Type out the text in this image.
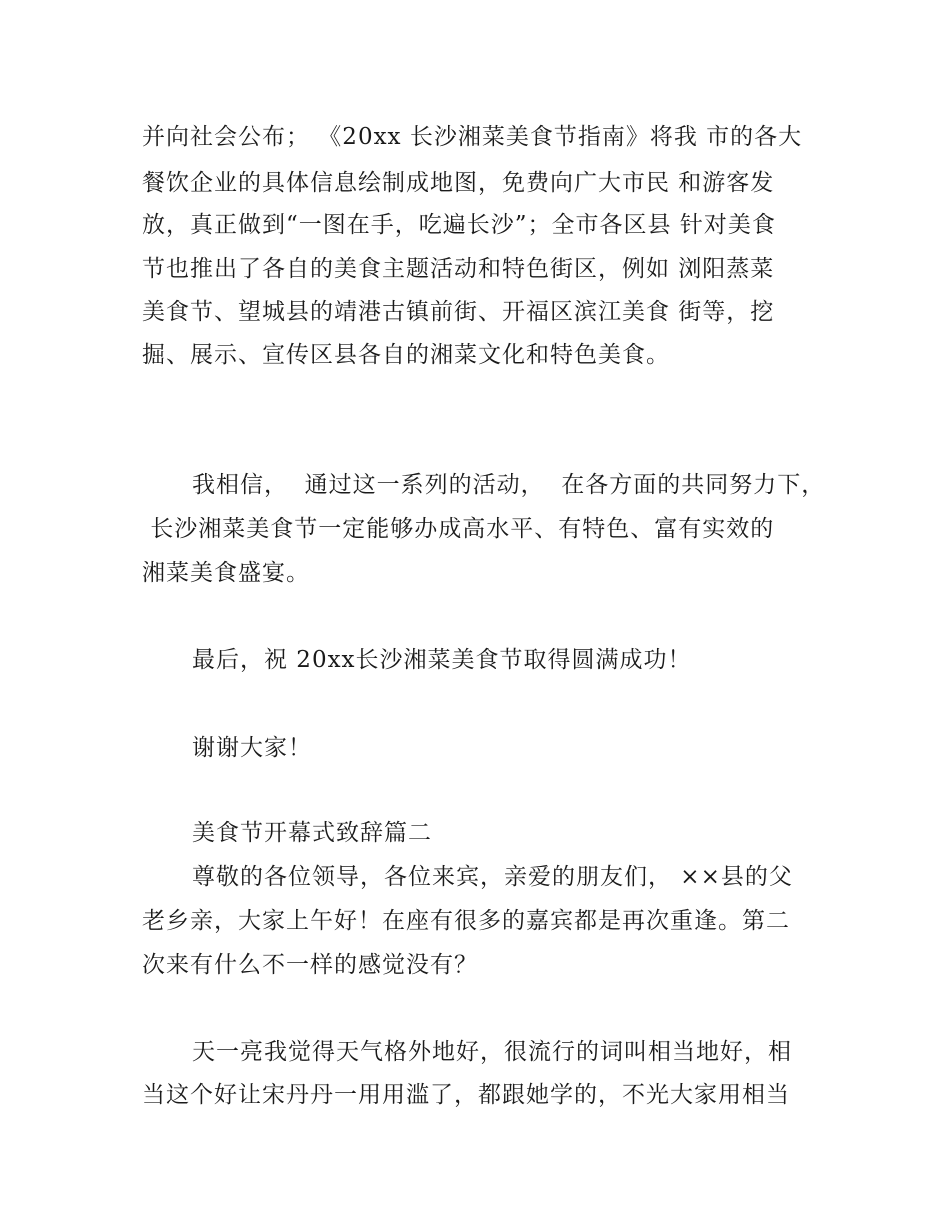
并向社会公布； 《20xx 长沙湘菜美食节指南》将我 市的各大
餐饮企业的具体信息绘制成地图，免费向广大市民 和游客发
放，真正做到“一图在手，吃遍长沙”；全市各区县 针对美食
节也推出了各自的美食主题活动和特色街区，例如 浏阳蒸菜
美食节、望城县的靖港古镇前街、开福区滨江美食 街等，挖
掘、展示、宣传区县各自的湘菜文化和特色美食。
我相信，  通过这一系列的活动，  在各方面的共同努力下，
长沙湘菜美食节一定能够办成高水平、有特色、富有实效的
湘菜美食盛宴。
最后，祝 20xx长沙湘菜美食节取得圆满成功！
谢谢大家！
美食节开幕式致辞篇二
尊敬的各位领导，各位来宾，亲爱的朋友们， ××县的父
老乡亲，大家上午好！在座有很多的嘉宾都是再次重逢。第二
次来有什么不一样的感觉没有？
天一亮我觉得天气格外地好，很流行的词叫相当地好，相
当这个好让宋丹丹一用用滥了，都跟她学的，不光大家用相当
